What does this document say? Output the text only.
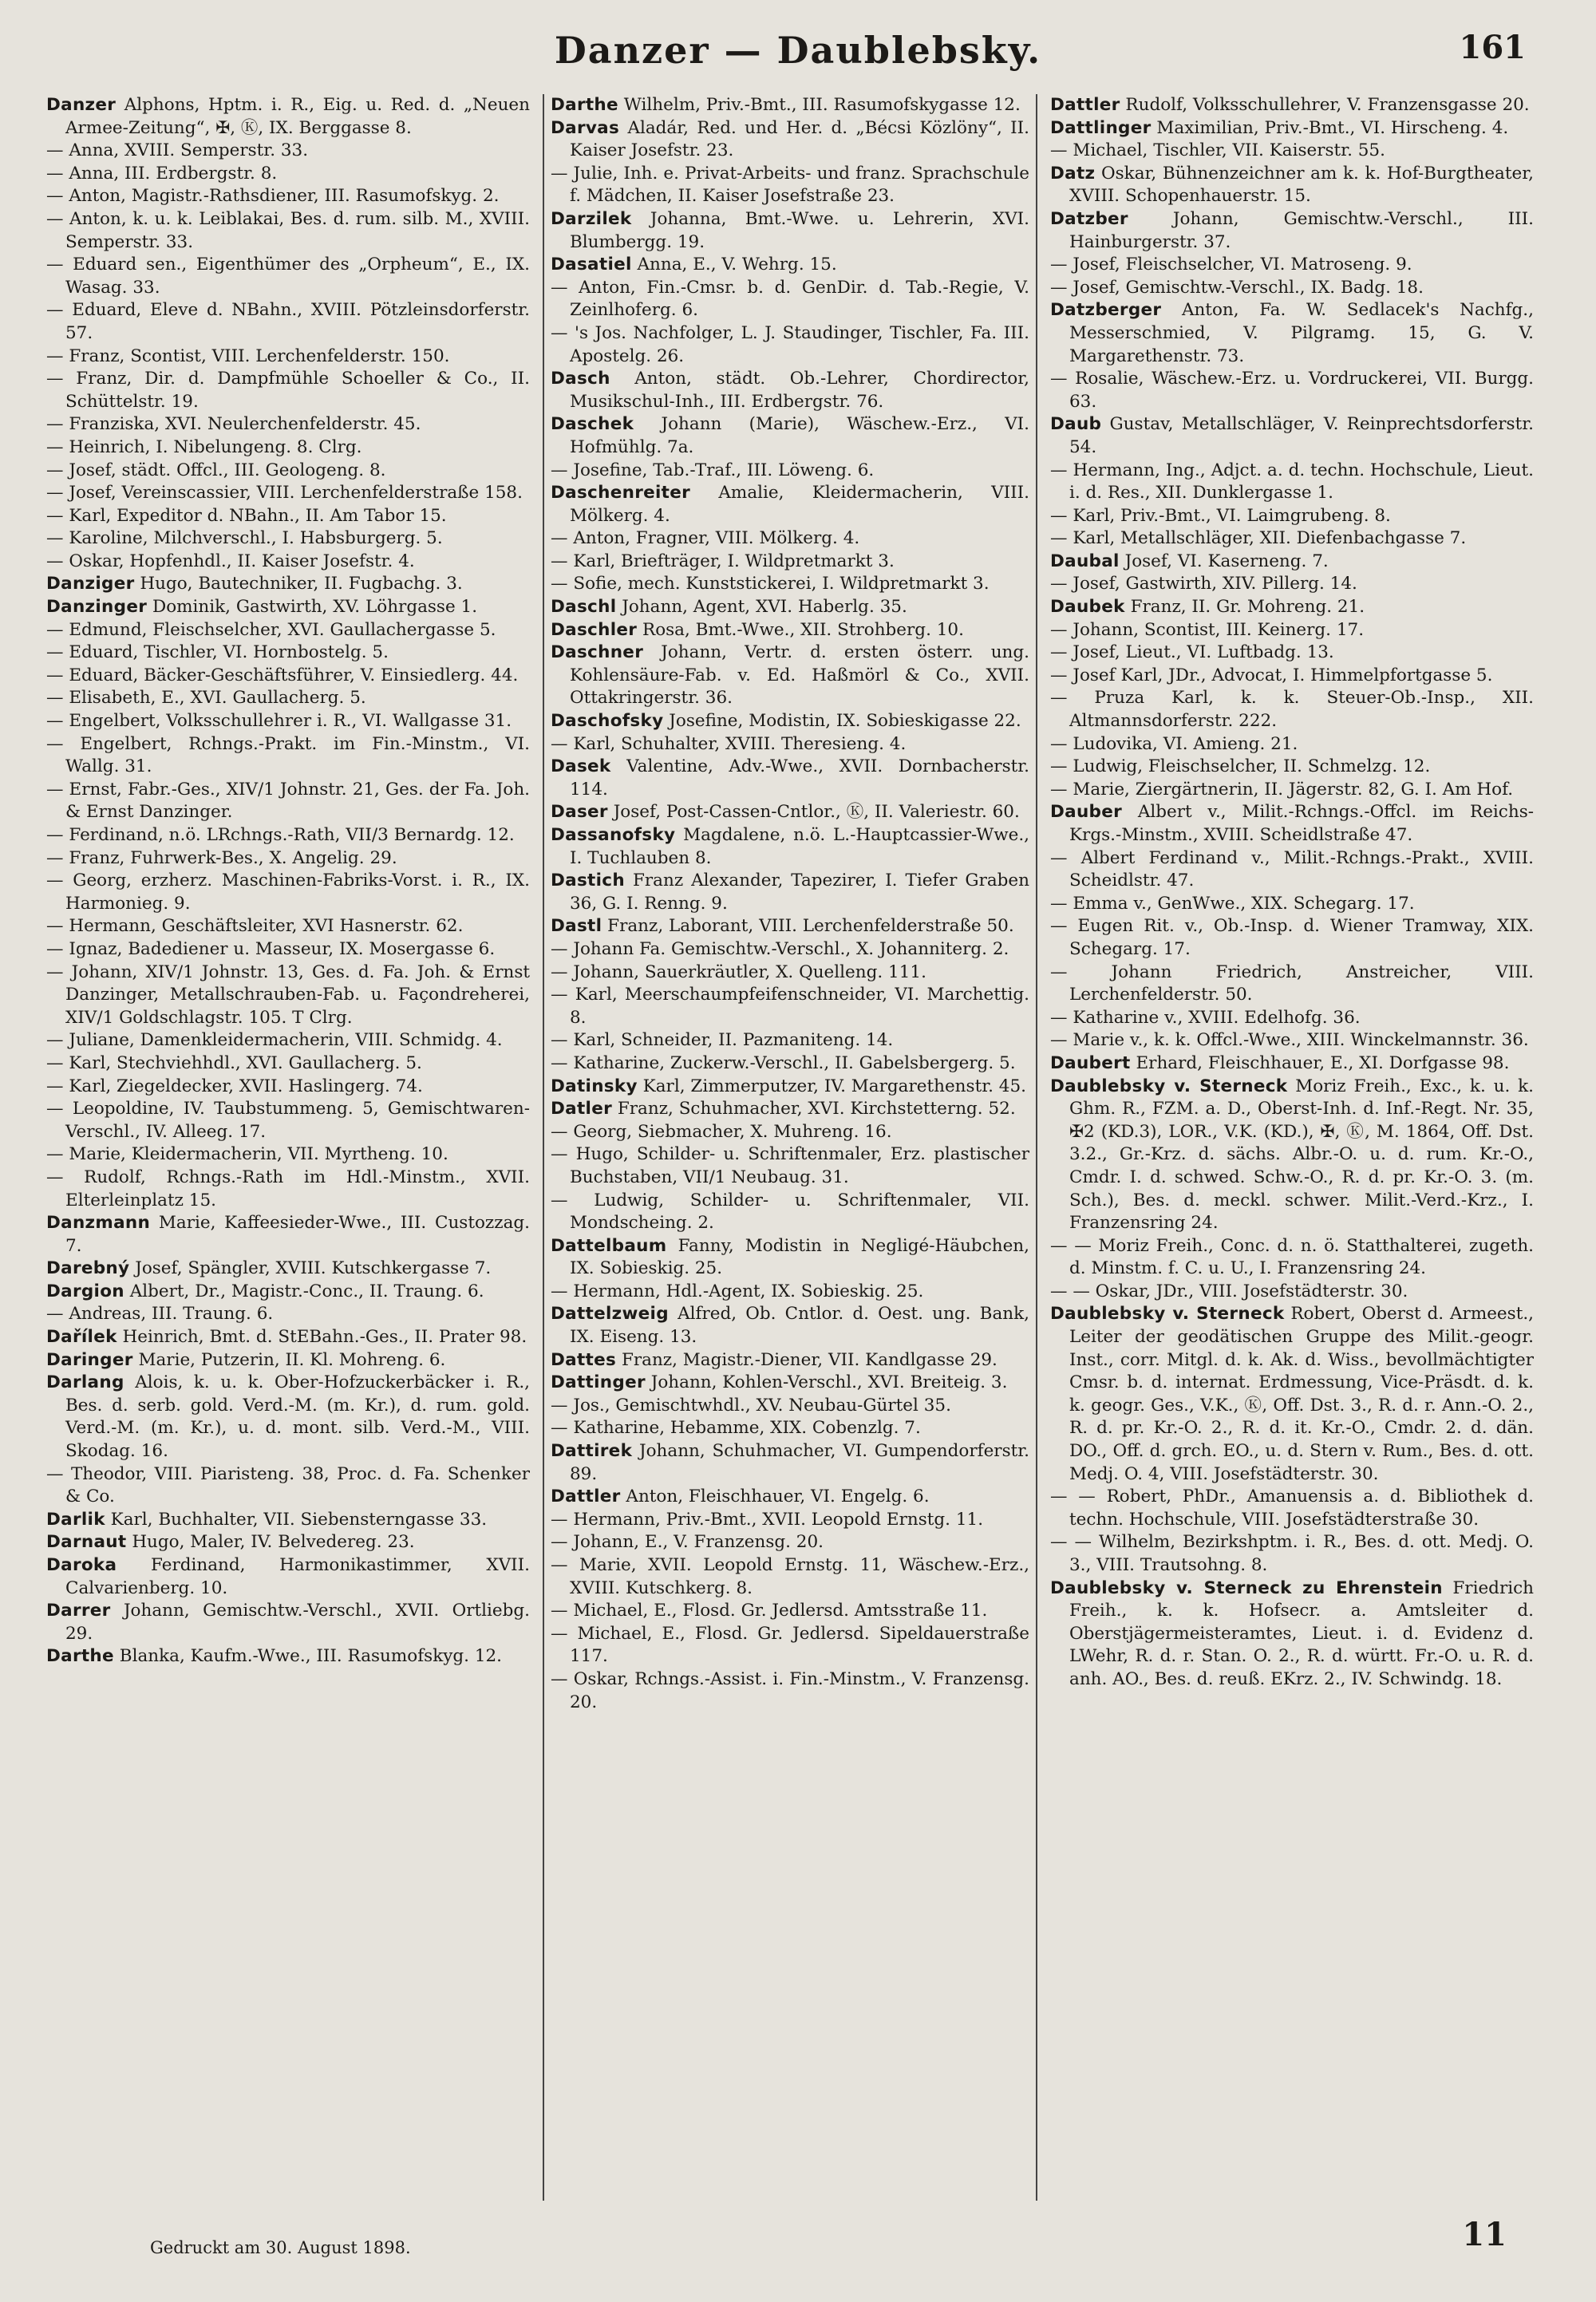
Danzer — Daublebsky.	161

Danzer Alphons, Hptm. i. R., Eig. u. Red. d. „Neuen Armee-Zeitung“, ✠, Ⓚ, IX. Berggasse 8.

— Anna, XVIII. Semperstr. 33.

— Anna, III. Erdbergstr. 8.

— Anton, Magistr.-Rathsdiener, III. Rasumofskyg. 2.

— Anton, k. u. k. Leiblakai, Bes. d. rum. silb. M., XVIII. Semperstr. 33.

— Eduard sen., Eigenthümer des „Orpheum“, E., IX. Wasag. 33.

— Eduard, Eleve d. NBahn., XVIII. Pötzleinsdorferstr. 57.

— Franz, Scontist, VIII. Lerchenfelderstr. 150.

— Franz, Dir. d. Dampfmühle Schoeller & Co., II. Schüttelstr. 19.

— Franziska, XVI. Neulerchenfelderstr. 45.

— Heinrich, I. Nibelungeng. 8. Clrg.

— Josef, städt. Offcl., III. Geologeng. 8.

— Josef, Vereinscassier, VIII. Lerchenfelderstraße 158.

— Karl, Expeditor d. NBahn., II. Am Tabor 15.

— Karoline, Milchverschl., I. Habsburgerg. 5.

— Oskar, Hopfenhdl., II. Kaiser Josefstr. 4.

Danziger Hugo, Bautechniker, II. Fugbachg. 3.

Danzinger Dominik, Gastwirth, XV. Löhrgasse 1.

— Edmund, Fleischselcher, XVI. Gaullachergasse 5.

— Eduard, Tischler, VI. Hornbostelg. 5.

— Eduard, Bäcker-Geschäftsführer, V. Einsiedlerg. 44.

— Elisabeth, E., XVI. Gaullacherg. 5.

— Engelbert, Volksschullehrer i. R., VI. Wallgasse 31.

— Engelbert, Rchngs.-Prakt. im Fin.-Minstm., VI. Wallg. 31.

— Ernst, Fabr.-Ges., XIV/1 Johnstr. 21, Ges. der Fa. Joh. & Ernst Danzinger.

— Ferdinand, n.ö. LRchngs.-Rath, VII/3 Bernardg. 12.

— Franz, Fuhrwerk-Bes., X. Angelig. 29.

— Georg, erzherz. Maschinen-Fabriks-Vorst. i. R., IX. Harmonieg. 9.

— Hermann, Geschäftsleiter, XVI Hasnerstr. 62.

— Ignaz, Badediener u. Masseur, IX. Mosergasse 6.

— Johann, XIV/1 Johnstr. 13, Ges. d. Fa. Joh. & Ernst Danzinger, Metallschrauben-Fab. u. Façondreherei, XIV/1 Goldschlagstr. 105. T Clrg.

— Juliane, Damenkleidermacherin, VIII. Schmidg. 4.

— Karl, Stechviehhdl., XVI. Gaullacherg. 5.

— Karl, Ziegeldecker, XVII. Haslingerg. 74.

— Leopoldine, IV. Taubstummeng. 5, Gemischtwaren-Verschl., IV. Alleeg. 17.

— Marie, Kleidermacherin, VII. Myrtheng. 10.

— Rudolf, Rchngs.-Rath im Hdl.-Minstm., XVII. Elterleinplatz 15.

Danzmann Marie, Kaffeesieder-Wwe., III. Custozzag. 7.

Darebný Josef, Spängler, XVIII. Kutschkergasse 7.

Dargion Albert, Dr., Magistr.-Conc., II. Traung. 6.

— Andreas, III. Traung. 6.

Dařílek Heinrich, Bmt. d. StEBahn.-Ges., II. Prater 98.

Daringer Marie, Putzerin, II. Kl. Mohreng. 6.

Darlang Alois, k. u. k. Ober-Hofzuckerbäcker i. R., Bes. d. serb. gold. Verd.-M. (m. Kr.), d. rum. gold. Verd.-M. (m. Kr.), u. d. mont. silb. Verd.-M., VIII. Skodag. 16.

— Theodor, VIII. Piaristeng. 38, Proc. d. Fa. Schenker & Co.

Darlik Karl, Buchhalter, VII. Siebensterngasse 33.

Darnaut Hugo, Maler, IV. Belvedereg. 23.

Daroka Ferdinand, Harmonikastimmer, XVII. Calvarienberg. 10.

Darrer Johann, Gemischtw.-Verschl., XVII. Ortliebg. 29.

Darthe Blanka, Kaufm.-Wwe., III. Rasumofskyg. 12.

Darthe Wilhelm, Priv.-Bmt., III. Rasumofskygasse 12.

Darvas Aladár, Red. und Her. d. „Bécsi Közlöny“, II. Kaiser Josefstr. 23.

— Julie, Inh. e. Privat-Arbeits- und franz. Sprachschule f. Mädchen, II. Kaiser Josefstraße 23.

Darzilek Johanna, Bmt.-Wwe. u. Lehrerin, XVI. Blumbergg. 19.

Dasatiel Anna, E., V. Wehrg. 15.

— Anton, Fin.-Cmsr. b. d. GenDir. d. Tab.-Regie, V. Zeinlhoferg. 6.

— 's Jos. Nachfolger, L. J. Staudinger, Tischler, Fa. III. Apostelg. 26.

Dasch Anton, städt. Ob.-Lehrer, Chordirector, Musikschul-Inh., III. Erdbergstr. 76.

Daschek Johann (Marie), Wäschew.-Erz., VI. Hofmühlg. 7a.

— Josefine, Tab.-Traf., III. Löweng. 6.

Daschenreiter Amalie, Kleidermacherin, VIII. Mölkerg. 4.

— Anton, Fragner, VIII. Mölkerg. 4.

— Karl, Briefträger, I. Wildpretmarkt 3.

— Sofie, mech. Kunststickerei, I. Wildpretmarkt 3.

Daschl Johann, Agent, XVI. Haberlg. 35.

Daschler Rosa, Bmt.-Wwe., XII. Strohberg. 10.

Daschner Johann, Vertr. d. ersten österr. ung. Kohlensäure-Fab. v. Ed. Haßmörl & Co., XVII. Ottakringerstr. 36.

Daschofsky Josefine, Modistin, IX. Sobieskigasse 22.

— Karl, Schuhalter, XVIII. Theresieng. 4.

Dasek Valentine, Adv.-Wwe., XVII. Dornbacherstr. 114.

Daser Josef, Post-Cassen-Cntlor., Ⓚ, II. Valeriestr. 60.

Dassanofsky Magdalene, n.ö. L.-Hauptcassier-Wwe., I. Tuchlauben 8.

Dastich Franz Alexander, Tapezirer, I. Tiefer Graben 36, G. I. Renng. 9.

Dastl Franz, Laborant, VIII. Lerchenfelderstraße 50.

— Johann Fa. Gemischtw.-Verschl., X. Johanniterg. 2.

— Johann, Sauerkräutler, X. Quelleng. 111.

— Karl, Meerschaumpfeifenschneider, VI. Marchettig. 8.

— Karl, Schneider, II. Pazmaniteng. 14.

— Katharine, Zuckerw.-Verschl., II. Gabelsbergerg. 5.

Datinsky Karl, Zimmerputzer, IV. Margarethenstr. 45.

Datler Franz, Schuhmacher, XVI. Kirchstetterng. 52.

— Georg, Siebmacher, X. Muhreng. 16.

— Hugo, Schilder- u. Schriftenmaler, Erz. plastischer Buchstaben, VII/1 Neubaug. 31.

— Ludwig, Schilder- u. Schriftenmaler, VII. Mondscheing. 2.

Dattelbaum Fanny, Modistin in Negligé-Häubchen, IX. Sobieskig. 25.

— Hermann, Hdl.-Agent, IX. Sobieskig. 25.

Dattelzweig Alfred, Ob. Cntlor. d. Oest. ung. Bank, IX. Eiseng. 13.

Dattes Franz, Magistr.-Diener, VII. Kandlgasse 29.

Dattinger Johann, Kohlen-Verschl., XVI. Breiteig. 3.

— Jos., Gemischtwhdl., XV. Neubau-Gürtel 35.

— Katharine, Hebamme, XIX. Cobenzlg. 7.

Dattirek Johann, Schuhmacher, VI. Gumpendorferstr. 89.

Dattler Anton, Fleischhauer, VI. Engelg. 6.

— Hermann, Priv.-Bmt., XVII. Leopold Ernstg. 11.

— Johann, E., V. Franzensg. 20.

— Marie, XVII. Leopold Ernstg. 11, Wäschew.-Erz., XVIII. Kutschkerg. 8.

— Michael, E., Flosd. Gr. Jedlersd. Amtsstraße 11.

— Michael, E., Flosd. Gr. Jedlersd. Sipeldauerstraße 117.

— Oskar, Rchngs.-Assist. i. Fin.-Minstm., V. Franzensg. 20.

Dattler Rudolf, Volksschullehrer, V. Franzensgasse 20.

Dattlinger Maximilian, Priv.-Bmt., VI. Hirscheng. 4.

— Michael, Tischler, VII. Kaiserstr. 55.

Datz Oskar, Bühnenzeichner am k. k. Hof-Burgtheater, XVIII. Schopenhauerstr. 15.

Datzber	Johann, Gemischtw.-Verschl., III. Hainburgerstr. 37.

— Josef, Fleischselcher, VI. Matroseng. 9.

— Josef, Gemischtw.-Verschl., IX. Badg. 18.

Datzberger Anton, Fa. W. Sedlacek's Nachfg., Messerschmied, V. Pilgramg. 15, G. V. Margarethenstr. 73.

— Rosalie, Wäschew.-Erz. u. Vordruckerei, VII. Burgg. 63.

Daub Gustav, Metallschläger, V. Reinprechtsdorferstr. 54.

— Hermann, Ing., Adjct. a. d. techn. Hochschule, Lieut. i. d. Res., XII. Dunklergasse 1.

— Karl, Priv.-Bmt., VI. Laimgrubeng. 8.

— Karl, Metallschläger, XII. Diefenbachgasse 7.

Daubal Josef, VI. Kaserneng. 7.

— Josef, Gastwirth, XIV. Pillerg. 14.

Daubek Franz, II. Gr. Mohreng. 21.

— Johann, Scontist, III. Keinerg. 17.

— Josef, Lieut., VI. Luftbadg. 13.

— Josef Karl, JDr., Advocat, I. Himmelpfortgasse 5.

— Pruza Karl, k. k. Steuer-Ob.-Insp., XII. Altmannsdorferstr. 222.

— Ludovika, VI. Amieng. 21.

— Ludwig, Fleischselcher, II. Schmelzg. 12.

— Marie, Ziergärtnerin, II. Jägerstr. 82, G. I. Am Hof.

Dauber Albert v., Milit.-Rchngs.-Offcl. im Reichs-Krgs.-Minstm., XVIII. Scheidlstraße 47.

— Albert Ferdinand v., Milit.-Rchngs.-Prakt., XVIII. Scheidlstr. 47.

— Emma v., GenWwe., XIX. Schegarg. 17.

— Eugen Rit. v., Ob.-Insp. d. Wiener Tramway, XIX. Schegarg. 17.

— Johann Friedrich, Anstreicher, VIII. Lerchenfelderstr. 50.

— Katharine v., XVIII. Edelhofg. 36.

— Marie v., k. k. Offcl.-Wwe., XIII. Winckelmannstr. 36.

Daubert Erhard, Fleischhauer, E., XI. Dorfgasse 98.

Daublebsky v. Sterneck Moriz Freih., Exc., k. u. k. Ghm. R., FZM. a. D., Oberst-Inh. d. Inf.-Regt. Nr. 35, ✠2 (KD.3), LOR., V.K. (KD.), ✠, Ⓚ, M. 1864, Off. Dst. 3.2., Gr.-Krz. d. sächs. Albr.-O. u. d. rum. Kr.-O., Cmdr. I. d. schwed. Schw.-O., R. d. pr. Kr.-O. 3. (m. Sch.), Bes. d. meckl. schwer. Milit.-Verd.-Krz., I. Franzensring 24.

— — Moriz Freih., Conc. d. n. ö. Statthalterei, zugeth. d. Minstm. f. C. u. U., I. Franzensring 24.

— — Oskar, JDr., VIII. Josefstädterstr. 30.

Daublebsky v. Sterneck Robert, Oberst d. Armeest., Leiter der geodätischen Gruppe des Milit.-geogr. Inst., corr. Mitgl. d. k. Ak. d. Wiss., bevollmächtigter Cmsr. b. d. internat. Erdmessung, Vice-Präsdt. d. k. k. geogr. Ges., V.K., Ⓚ, Off. Dst. 3., R. d. r. Ann.-O. 2., R. d. pr. Kr.-O. 2., R. d. it. Kr.-O., Cmdr. 2. d. dän. DO., Off. d. grch. EO., u. d. Stern v. Rum., Bes. d. ott. Medj. O. 4, VIII. Josefstädterstr. 30.

— — Robert, PhDr., Amanuensis a. d. Bibliothek d. techn. Hochschule, VIII. Josefstädterstraße 30.

— — Wilhelm, Bezirkshptm. i. R., Bes. d. ott. Medj. O. 3., VIII. Trautsohng. 8.

Daublebsky v. Sterneck zu Ehrenstein Friedrich Freih., k. k. Hofsecr. a. Amtsleiter d. Oberstjägermeisteramtes, Lieut. i. d. Evidenz d. LWehr, R. d. r. Stan. O. 2., R. d. württ. Fr.-O. u. R. d. anh. AO., Bes. d. reuß. EKrz. 2., IV. Schwindg. 18.

Gedruckt am 30. August 1898.	11
